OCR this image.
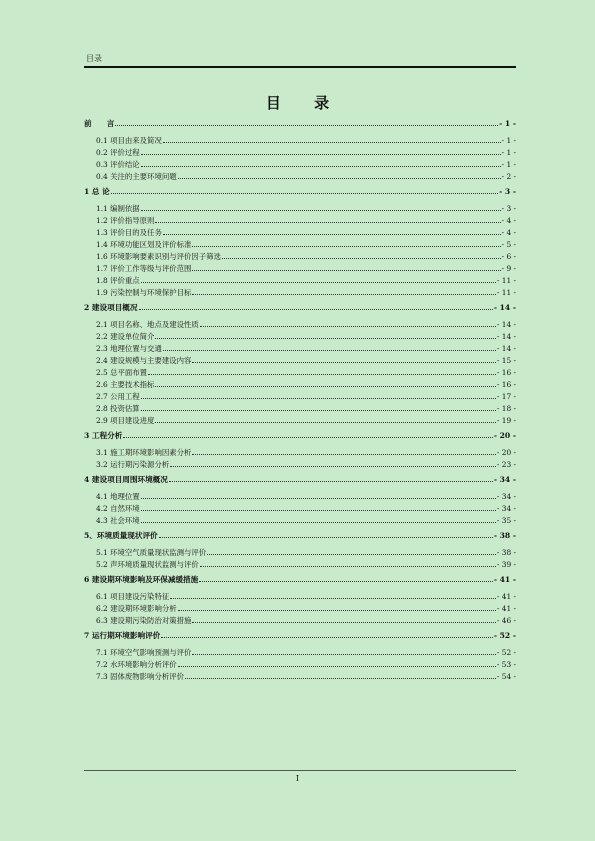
目录
目 录
前　　言	- 1 -
0.1 项目由来及简况	- 1 -
0.2 评价过程	- 1 -
0.3 评价结论	- 1 -
0.4 关注的主要环境问题	- 2 -
1 总 论	- 3 -
1.1 编制依据	- 3 -
1.2 评价指导原则	- 4 -
1.3 评价目的及任务	- 4 -
1.4 环境功能区划及评价标准	- 5 -
1.6 环境影响要素识别与评价因子筛选	- 6 -
1.7 评价工作等级与评价范围	- 9 -
1.8 评价重点	- 11 -
1.9 污染控制与环境保护目标	- 11 -
2 建设项目概况	- 14 -
2.1 项目名称、地点及建设性质	- 14 -
2.2 建设单位简介	- 14 -
2.3 地理位置与交通	- 14 -
2.4 建设规模与主要建设内容	- 15 -
2.5 总平面布置	- 16 -
2.6 主要技术指标	- 16 -
2.7 公用工程	- 17 -
2.8 投资估算	- 18 -
2.9 项目建设进度	- 19 -
3 工程分析	- 20 -
3.1 施工期环境影响因素分析	- 20 -
3.2 运行期污染源分析	- 23 -
4 建设项目周围环境概况	- 34 -
4.1 地理位置	- 34 -
4.2 自然环境	- 34 -
4.3 社会环境	- 35 -
5、环境质量现状评价	- 38 -
5.1 环境空气质量现状监测与评价	- 38 -
5.2 声环境质量现状监测与评价	- 39 -
6 建设期环境影响及环保减缓措施	- 41 -
6.1 项目建设污染特征	- 41 -
6.2 建设期环境影响分析	- 41 -
6.3 建设期污染防治对策措施	- 46 -
7 运行期环境影响评价	- 52 -
7.1 环境空气影响预测与评价	- 52 -
7.2 水环境影响分析评价	- 53 -
7.3 固体废物影响分析评价	- 54 -
I
